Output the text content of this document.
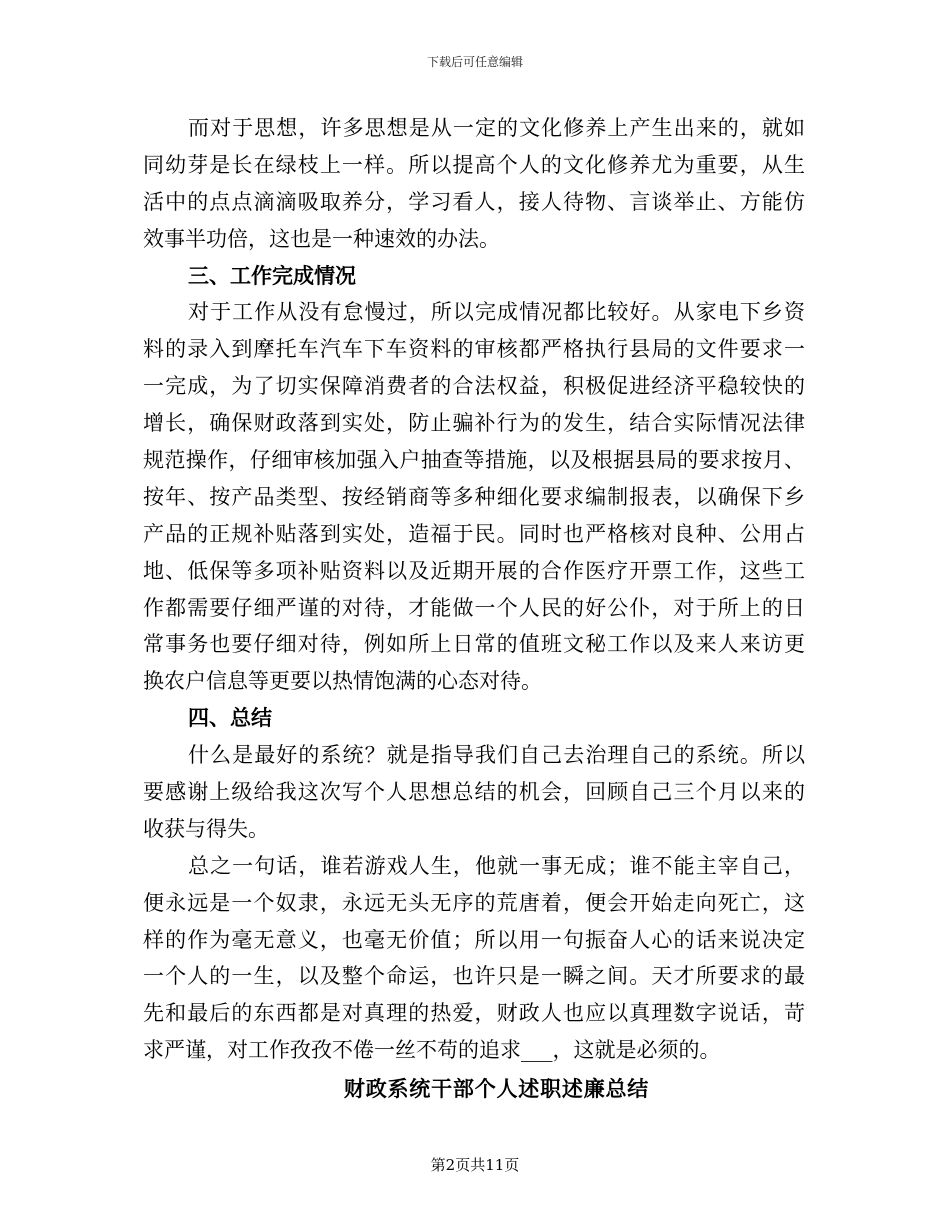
下载后可任意编辑
而对于思想，许多思想是从一定的文化修养上产生出来的，就如
同幼芽是长在绿枝上一样。所以提高个人的文化修养尤为重要，从生
活中的点点滴滴吸取养分，学习看人，接人待物、言谈举止、方能仿
效事半功倍，这也是一种速效的办法。
三、工作完成情况
对于工作从没有怠慢过，所以完成情况都比较好。从家电下乡资
料的录入到摩托车汽车下车资料的审核都严格执行县局的文件要求一
一完成，为了切实保障消费者的合法权益，积极促进经济平稳较快的
增长，确保财政落到实处，防止骗补行为的发生，结合实际情况法律
规范操作，仔细审核加强入户抽查等措施，以及根据县局的要求按月、
按年、按产品类型、按经销商等多种细化要求编制报表，以确保下乡
产品的正规补贴落到实处，造福于民。同时也严格核对良种、公用占
地、低保等多项补贴资料以及近期开展的合作医疗开票工作，这些工
作都需要仔细严谨的对待，才能做一个人民的好公仆，对于所上的日
常事务也要仔细对待，例如所上日常的值班文秘工作以及来人来访更
换农户信息等更要以热情饱满的心态对待。
四、总结
什么是最好的系统？就是指导我们自己去治理自己的系统。所以
要感谢上级给我这次写个人思想总结的机会，回顾自己三个月以来的
收获与得失。
总之一句话，谁若游戏人生，他就一事无成；谁不能主宰自己，
便永远是一个奴隶，永远无头无序的荒唐着，便会开始走向死亡，这
样的作为毫无意义，也毫无价值；所以用一句振奋人心的话来说决定
一个人的一生，以及整个命运，也许只是一瞬之间。天才所要求的最
先和最后的东西都是对真理的热爱，财政人也应以真理数字说话，苛
求严谨，对工作孜孜不倦一丝不苟的追求___，这就是必须的。
财政系统干部个人述职述廉总结
第2页共11页
